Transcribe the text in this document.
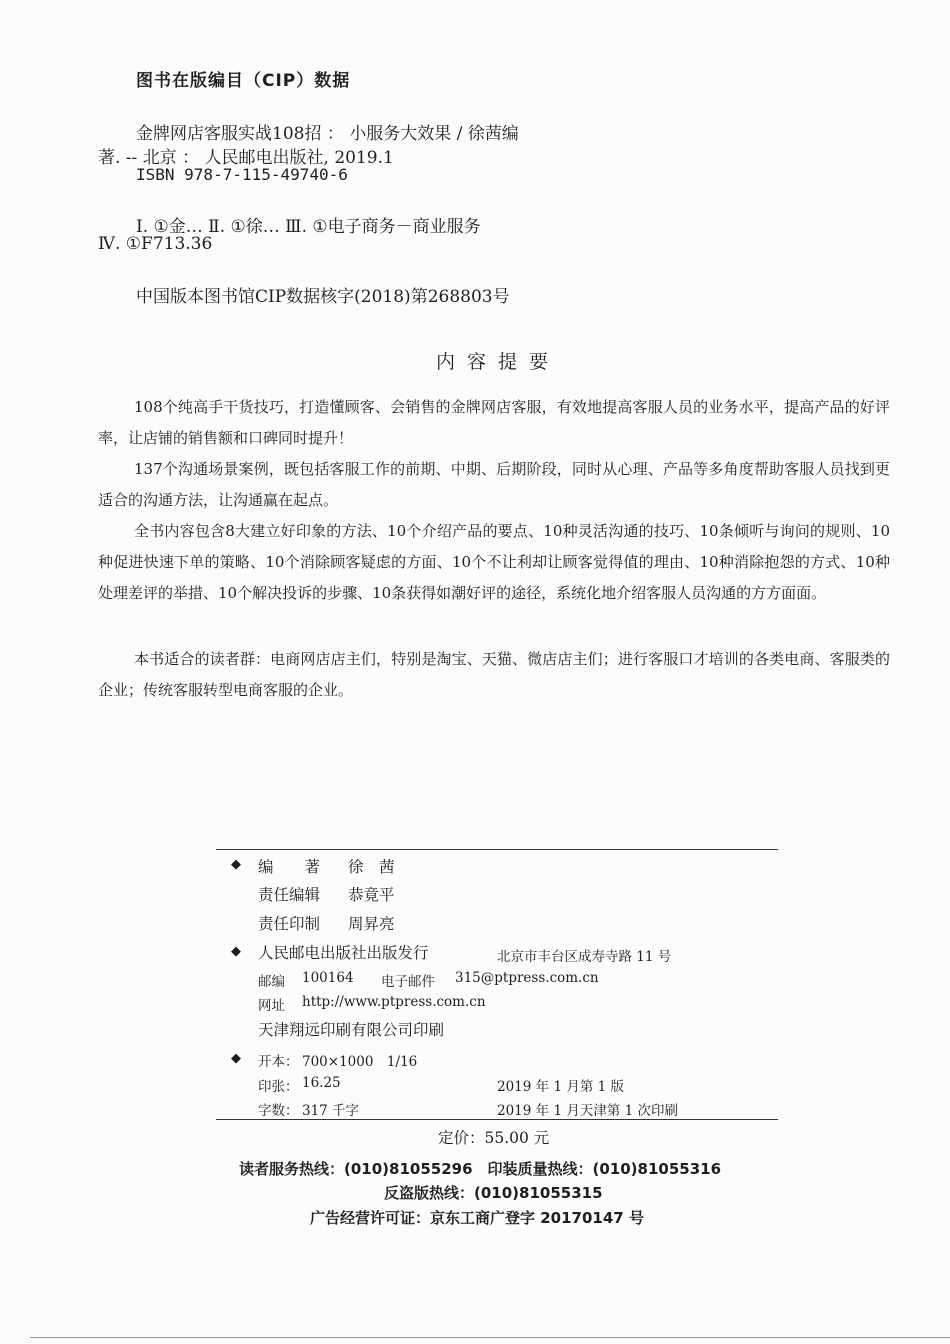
图书在版编目（CIP）数据
金牌网店客服实战108招 ： 小服务大效果 / 徐茜编
著. -- 北京 ： 人民邮电出版社, 2019.1
ISBN 978-7-115-49740-6
Ⅰ. ①金… Ⅱ. ①徐… Ⅲ. ①电子商务－商业服务
Ⅳ. ①F713.36
中国版本图书馆CIP数据核字(2018)第268803号
内容提要
108个纯高手干货技巧，打造懂顾客、会销售的金牌网店客服，有效地提高客服人员的业务水平，提高产品的好评率，让店铺的销售额和口碑同时提升！
137个沟通场景案例，既包括客服工作的前期、中期、后期阶段，同时从心理、产品等多角度帮助客服人员找到更适合的沟通方法，让沟通赢在起点。
全书内容包含8大建立好印象的方法、10个介绍产品的要点、10种灵活沟通的技巧、10条倾听与询问的规则、10种促进快速下单的策略、10个消除顾客疑虑的方面、10个不让利却让顾客觉得值的理由、10种消除抱怨的方式、10种处理差评的举措、10个解决投诉的步骤、10条获得如潮好评的途径，系统化地介绍客服人员沟通的方方面面。
本书适合的读者群：电商网店店主们，特别是淘宝、天猫、微店店主们；进行客服口才培训的各类电商、客服类的企业；传统客服转型电商客服的企业。
◆ 编　　著 徐　茜
责任编辑 恭竟平
责任印制 周昇亮
◆ 人民邮电出版社出版发行	北京市丰台区成寿寺路 11 号
邮编 100164 电子邮件 315@ptpress.com.cn
网址 http://www.ptpress.com.cn
天津翔远印刷有限公司印刷
◆ 开本： 700×1000　1/16
印张： 16.25	2019 年 1 月第 1 版
字数： 317 千字	2019 年 1 月天津第 1 次印刷
定价：55.00 元
读者服务热线：(010)81055296　印装质量热线：(010)81055316
反盗版热线：(010)81055315
广告经营许可证：京东工商广登字 20170147 号
